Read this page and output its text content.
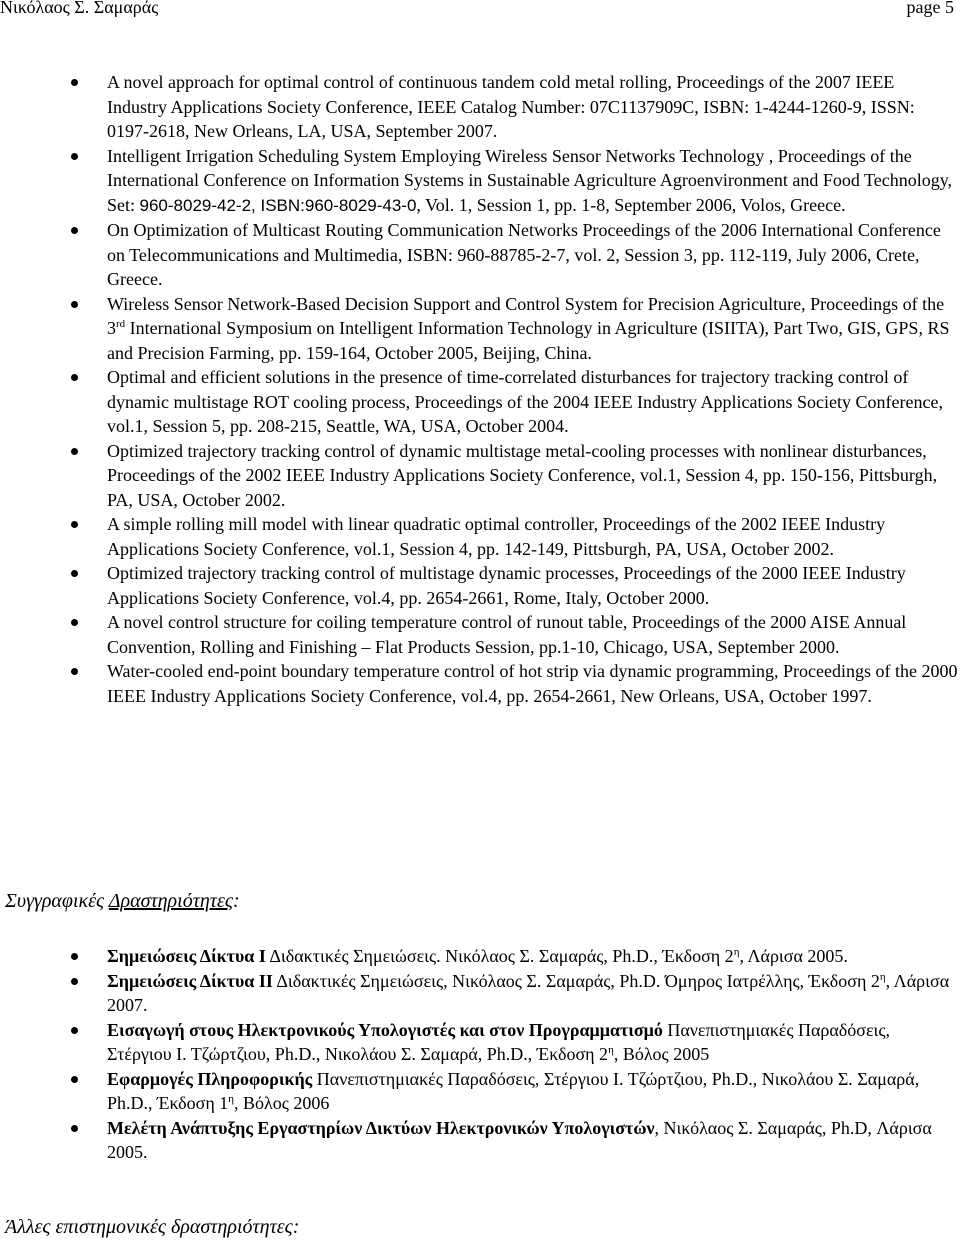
Νικόλαος Σ. Σαμαράς	page 5
A novel approach for optimal control of continuous tandem cold metal rolling, Proceedings of the 2007 IEEE Industry Applications Society Conference, IEEE Catalog Number: 07C1137909C, ISBN: 1-4244-1260-9, ISSN: 0197-2618, New Orleans, LA, USA, September 2007.
Intelligent Irrigation Scheduling System Employing Wireless Sensor Networks Technology , Proceedings of the International Conference on Information Systems in Sustainable Agriculture Agroenvironment and Food Technology, Set: 960-8029-42-2, ISBN:960-8029-43-0, Vol. 1, Session 1, pp. 1-8, September 2006, Volos, Greece.
On Optimization of Multicast Routing Communication Networks Proceedings of the 2006 International Conference on Telecommunications and Multimedia, ISBN: 960-88785-2-7, vol. 2, Session 3, pp. 112-119, July 2006, Crete, Greece.
Wireless Sensor Network-Based Decision Support and Control System for Precision Agriculture, Proceedings of the 3rd International Symposium on Intelligent Information Technology in Agriculture (ISIITA), Part Two, GIS, GPS, RS and Precision Farming, pp. 159-164, October 2005, Beijing, China.
Optimal and efficient solutions in the presence of time-correlated disturbances for trajectory tracking control of dynamic multistage ROT cooling process, Proceedings of the 2004 IEEE Industry Applications Society Conference, vol.1, Session 5, pp. 208-215, Seattle, WA, USA, October 2004.
Optimized trajectory tracking control of dynamic multistage metal-cooling processes with nonlinear disturbances, Proceedings of the 2002 IEEE Industry Applications Society Conference, vol.1, Session 4, pp. 150-156, Pittsburgh, PA, USA, October 2002.
A simple rolling mill model with linear quadratic optimal controller, Proceedings of the 2002 IEEE Industry Applications Society Conference, vol.1, Session 4, pp. 142-149, Pittsburgh, PA, USA, October 2002.
Optimized trajectory tracking control of multistage dynamic processes, Proceedings of the 2000 IEEE Industry Applications Society Conference, vol.4, pp. 2654-2661, Rome, Italy, October 2000.
A novel control structure for coiling temperature control of runout table, Proceedings of the 2000 AISE Annual Convention, Rolling and Finishing – Flat Products Session, pp.1-10, Chicago, USA, September 2000.
Water-cooled end-point boundary temperature control of hot strip via dynamic programming, Proceedings of the 2000 IEEE Industry Applications Society Conference, vol.4, pp. 2654-2661, New Orleans, USA, October 1997.
Συγγραφικές Δραστηριότητες:
Σημειώσεις Δίκτυα Ι Διδακτικές Σημειώσεις. Νικόλαος Σ. Σαμαράς, Ph.D., Έκδοση $2^\eta$, Λάρισα 2005.
Σημειώσεις Δίκτυα ΙΙ Διδακτικές Σημειώσεις, Νικόλαος Σ. Σαμαράς, Ph.D. Όμηρος Ιατρέλλης, Έκδοση $2^\eta$, Λάρισα 2007.
Εισαγωγή στους Ηλεκτρονικούς Υπολογιστές και στον Προγραμματισμό Πανεπιστημιακές Παραδόσεις, Στέργιου Ι. Τζώρτζιου, Ph.D., Νικολάου Σ. Σαμαρά, Ph.D., Έκδοση $2^\eta$, Βόλος 2005
Εφαρμογές Πληροφορικής Πανεπιστημιακές Παραδόσεις, Στέργιου Ι. Τζώρτζιου, Ph.D., Νικολάου Σ. Σαμαρά, Ph.D., Έκδοση $1^\eta$, Βόλος 2006
Μελέτη Ανάπτυξης Εργαστηρίων Δικτύων Ηλεκτρονικών Υπολογιστών, Νικόλαος Σ. Σαμαράς, Ph.D, Λάρισα 2005.
Άλλες επιστημονικές δραστηριότητες:
